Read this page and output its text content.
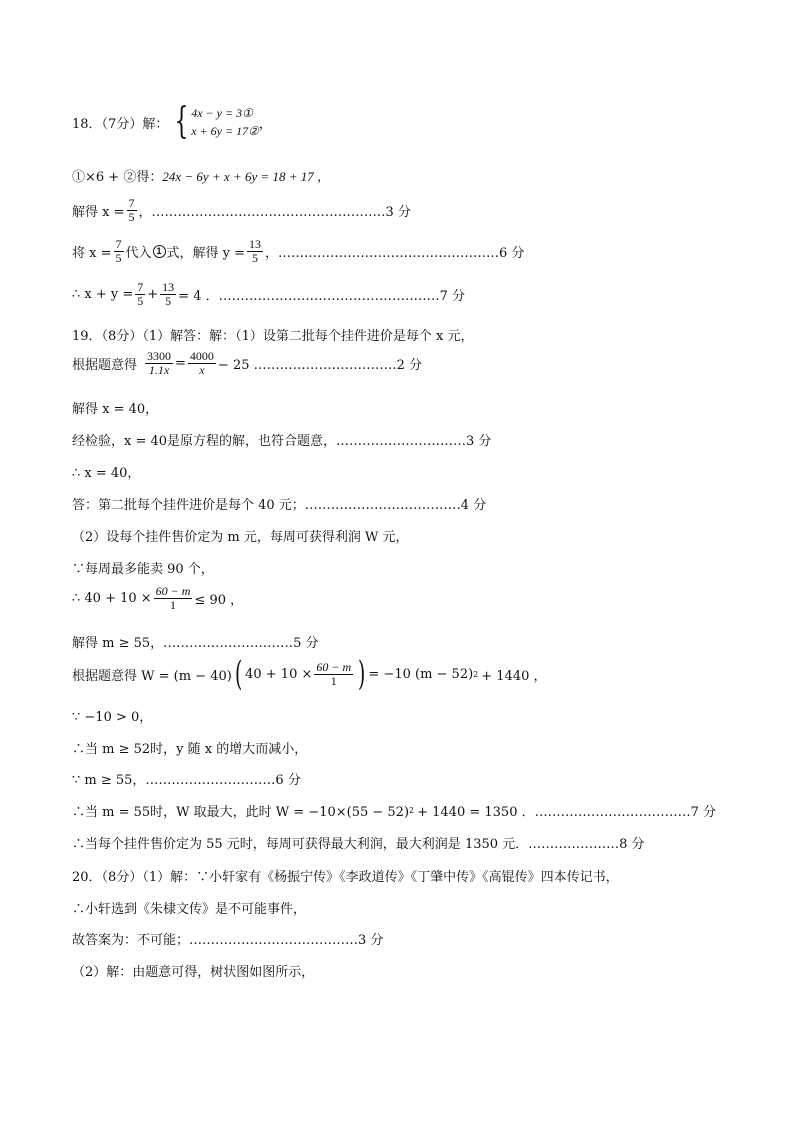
18．（7分）解： { 4x − y = 3①
x + 6y = 17② ，
①×6 + ②得： 24x − 6y + x + 6y = 18 + 17 ，
解得 $x = \frac{7}{5}$ ，………………………………………………3 分
将 $x = \frac{7}{5}$ 代入 1 式，解得 $y = \frac{13}{5}$ ，……………………………………………6 分
∴ $x + y = \frac{7}{5} + \frac{13}{5} = 4$ ．……………………………………………7 分
19．（8分）（1）解答：解：（1）设第二批每个挂件进价是每个 x 元，
根据题意得 $\frac{3300}{1.1x} = \frac{4000}{x} - 25$ ……………………………2 分
解得 x = 40，
经检验，x = 40是原方程的解，也符合题意，…………………………3 分
∴ x = 40，
答：第二批每个挂件进价是每个 40 元；………………………………4 分
（2）设每个挂件售价定为 m 元，每周可获得利润 W 元，
∵每周最多能卖 90 个，
∴ $40 + 10 \times \frac{60 - m}{1} \le 90$ ，
解得 m ≥ 55，…………………………5 分
根据题意得 W = (m − 40) ( $40 + 10 \times \frac{60 - m}{1}$ ) = −10 (m − 52) 2 + 1440 ，
∵ −10 > 0，
∴当 m ≥ 52时，y 随 x 的增大而减小，
∵ m ≥ 55，…………………………6 分
∴当 m = 55时，W 取最大，此时 W = −10×(55 − 52) 2 + 1440 = 1350 ．………………………………7 分
∴当每个挂件售价定为 55 元时，每周可获得最大利润，最大利润是 1350 元．…………………8 分
20．（8分）（1）解：∵小轩家有《杨振宁传》《李政道传》《丁肇中传》《高锟传》四本传记书，
∴小轩选到《朱棣文传》是不可能事件，
故答案为：不可能；…………………………………3 分
（2）解：由题意可得，树状图如图所示，
